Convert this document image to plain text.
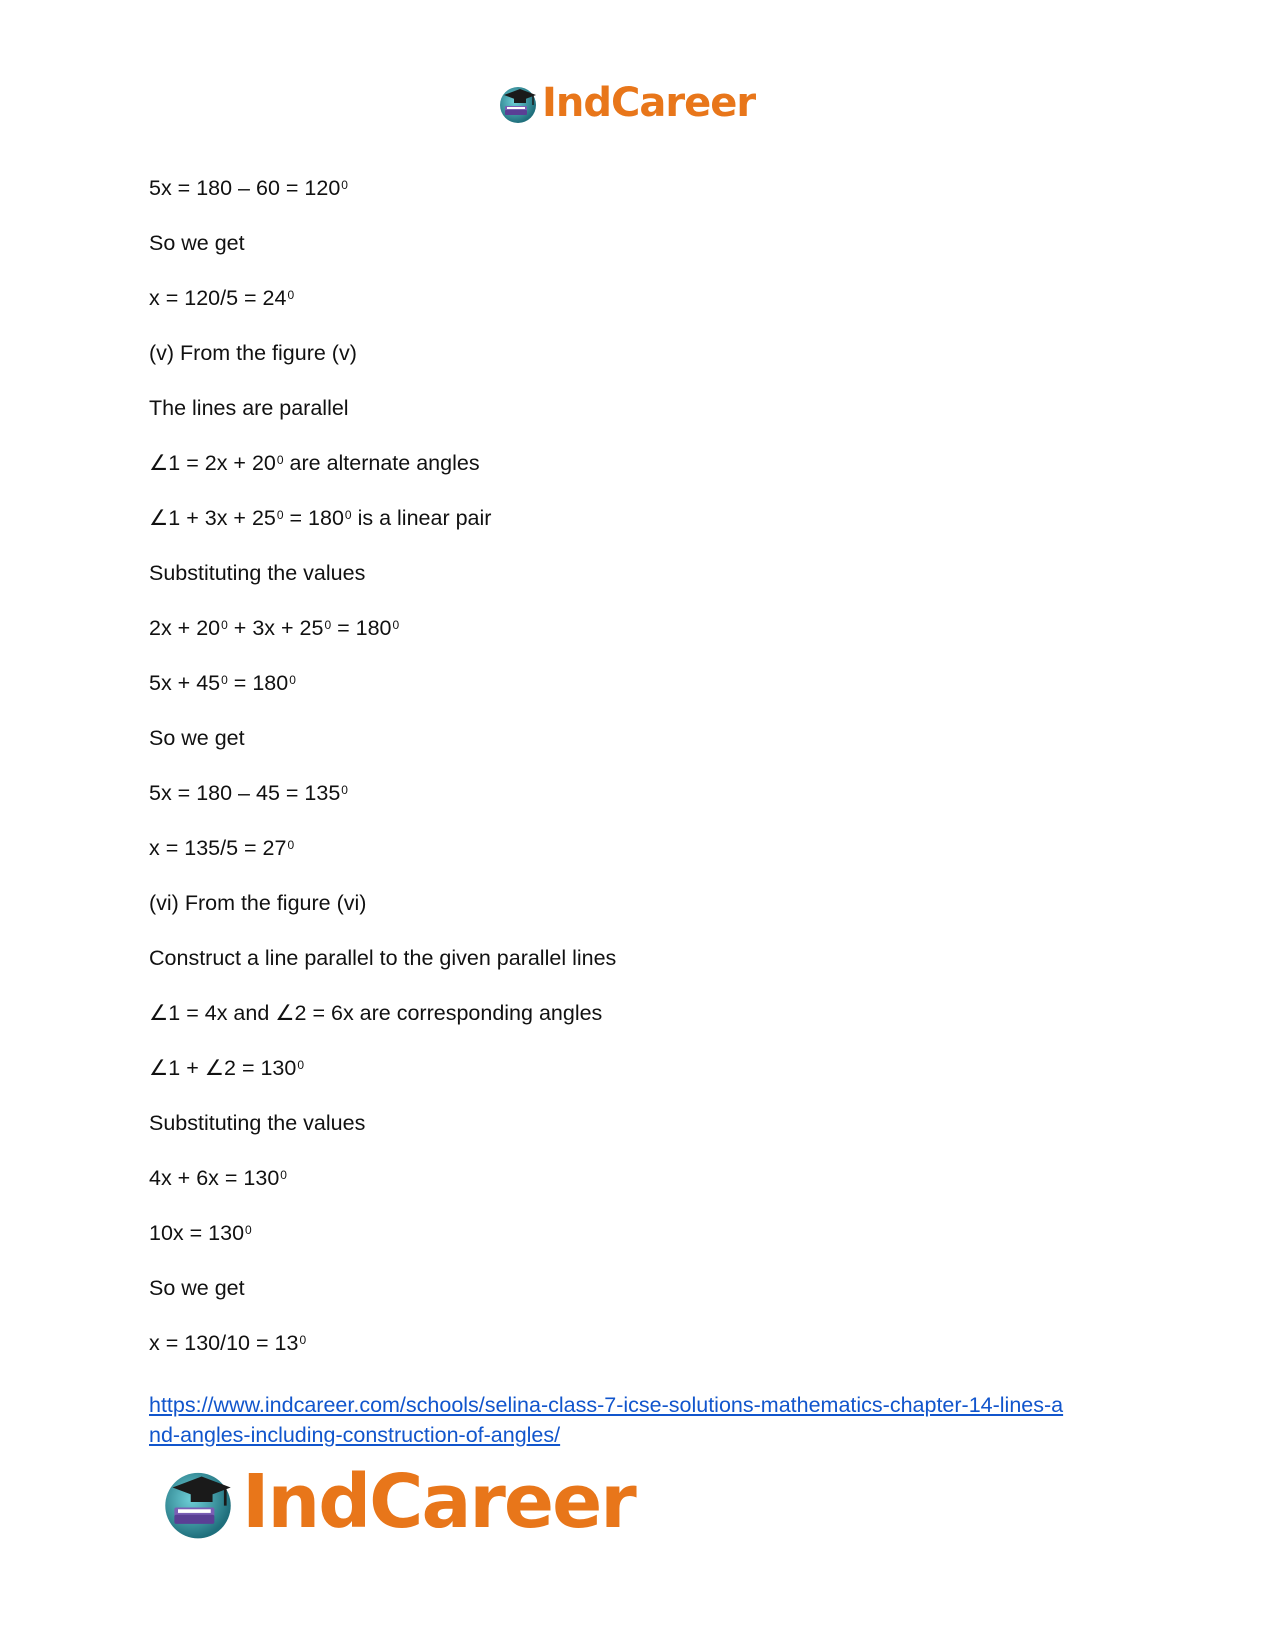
IndCareer
$5x = 180 - 60 = 120^0$
So we get
$x = 120/5 = 24^0$
(v) From the figure (v)
The lines are parallel
∠1 = $2x + 20^0$ are alternate angles
∠1 + $3x + 25^0 = 180^0$ is a linear pair
Substituting the values
$2x + 20^0 + 3x + 25^0 = 180^0$
$5x + 45^0 = 180^0$
So we get
$5x = 180 - 45 = 135^0$
$x = 135/5 = 27^0$
(vi) From the figure (vi)
Construct a line parallel to the given parallel lines
∠1 = 4x and ∠2 = 6x are corresponding angles
∠1 + ∠2 = $130^0$
Substituting the values
$4x + 6x = 130^0$
$10x = 130^0$
So we get
$x = 130/10 = 13^0$
https://www.indcareer.com/schools/selina-class-7-icse-solutions-mathematics-chapter-14-lines-a
nd-angles-including-construction-of-angles/
IndCareer
